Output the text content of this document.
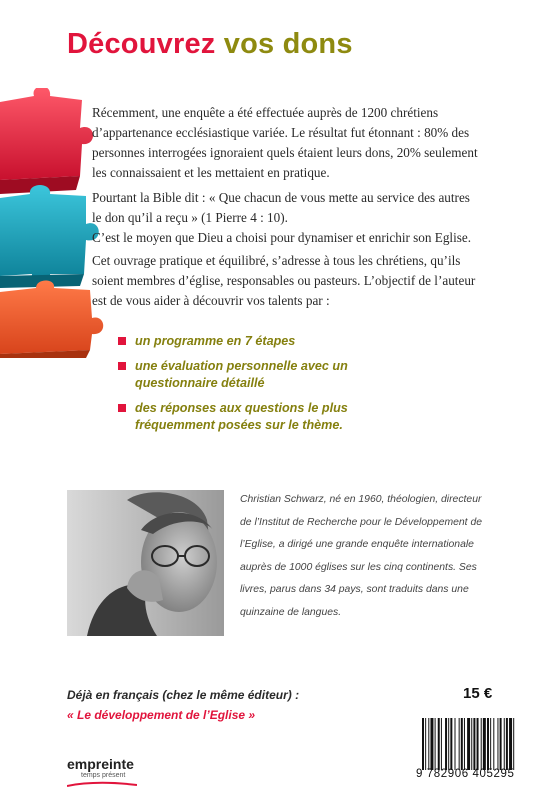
Découvrez vos dons

Récemment, une enquête a été effectuée auprès de 1200 chrétiens

d’appartenance ecclésiastique variée. Le résultat fut étonnant : 80% des

personnes interrogées ignoraient quels étaient leurs dons, 20% seulement

les connaissaient et les mettaient en pratique.

Pourtant la Bible dit : « Que chacun de vous mette au service des autres

le don qu’il a reçu » (1 Pierre 4 : 10).

C’est le moyen que Dieu a choisi pour dynamiser et enrichir son Eglise.

Cet ouvrage pratique et équilibré, s’adresse à tous les chrétiens, qu’ils

soient membres d’église, responsables ou pasteurs. L’objectif de l’auteur

est de vous aider à découvrir vos talents par :

un programme en 7 étapes
une évaluation personnelle avec un
questionnaire détaillé
des réponses aux questions le plus
fréquemment posées sur le thème.

Christian Schwarz, né en 1960, théologien, directeur

de l’Institut de Recherche pour le Développement de

l’Eglise, a dirigé une grande enquête internationale

auprès de 1000 églises sur les cinq continents. Ses

livres, parus dans 34 pays, sont traduits dans une

quinzaine de langues.

Déjà en français (chez le même éditeur) :
« Le développement de l’Eglise »
15 €
9 782906 405295
empreinte
temps présent
